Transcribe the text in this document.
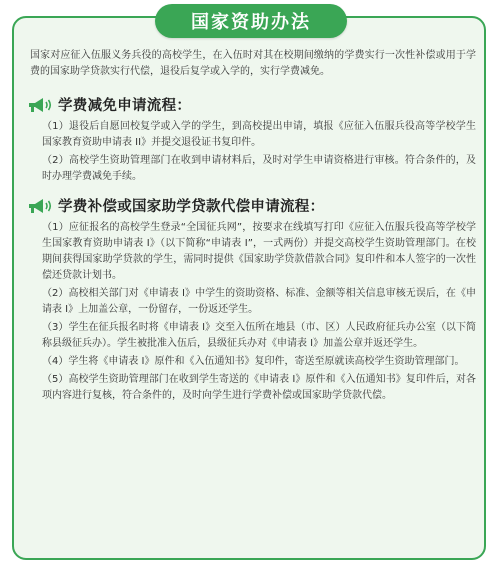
国家资助办法

国家对应征入伍服义务兵役的高校学生，在入伍时对其在校期间缴纳的学费实行一次性补偿或用于学费的国家助学贷款实行代偿，退役后复学或入学的，实行学费减免。

学费减免申请流程：

（1）退役后自愿回校复学或入学的学生，到高校提出申请，填报《应征入伍服兵役高等学校学生国家教育资助申请表 II》并提交退役证书复印件。

（2）高校学生资助管理部门在收到申请材料后，及时对学生申请资格进行审核。符合条件的，及时办理学费减免手续。

学费补偿或国家助学贷款代偿申请流程：

（1）应征报名的高校学生登录“全国征兵网”，按要求在线填写打印《应征入伍服兵役高等学校学生国家教育资助申请表 I》（以下简称“申请表 I”，一式两份）并提交高校学生资助管理部门。在校期间获得国家助学贷款的学生，需同时提供《国家助学贷款借款合同》复印件和本人签字的一次性偿还贷款计划书。

（2）高校相关部门对《申请表 I》中学生的资助资格、标准、金额等相关信息审核无误后，在《申请表 I》上加盖公章，一份留存，一份返还学生。

（3）学生在征兵报名时将《申请表 I》交至入伍所在地县（市、区）人民政府征兵办公室（以下简称县级征兵办）。学生被批准入伍后，县级征兵办对《申请表 I》加盖公章并返还学生。

（4）学生将《申请表 I》原件和《入伍通知书》复印件，寄送至原就读高校学生资助管理部门。

（5）高校学生资助管理部门在收到学生寄送的《申请表 I》原件和《入伍通知书》复印件后，对各项内容进行复核，符合条件的，及时向学生进行学费补偿或国家助学贷款代偿。
